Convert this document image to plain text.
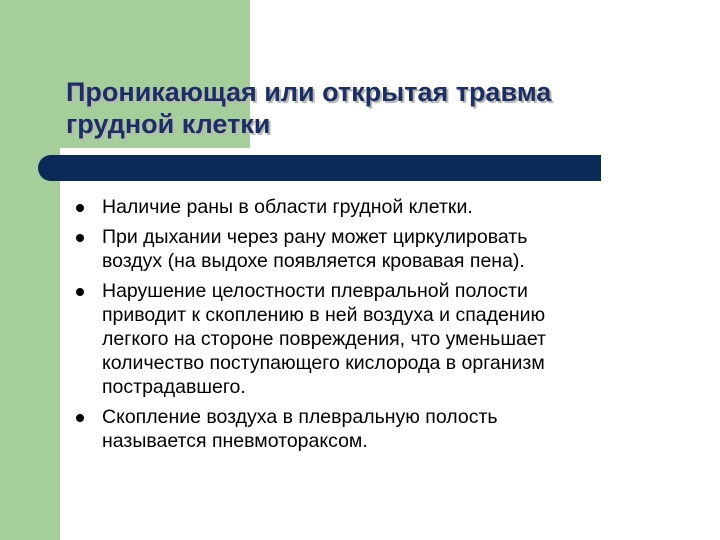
Проникающая или открытая травма
грудной клетки
Наличие раны в области грудной клетки.
При дыхании через рану может циркулировать
воздух (на выдохе появляется кровавая пена).
Нарушение целостности плевральной полости
приводит к скоплению в ней воздуха и спадению
легкого на стороне повреждения, что уменьшает
количество поступающего кислорода в организм
пострадавшего.
Скопление воздуха в плевральную полость
называется пневмотораксом.
